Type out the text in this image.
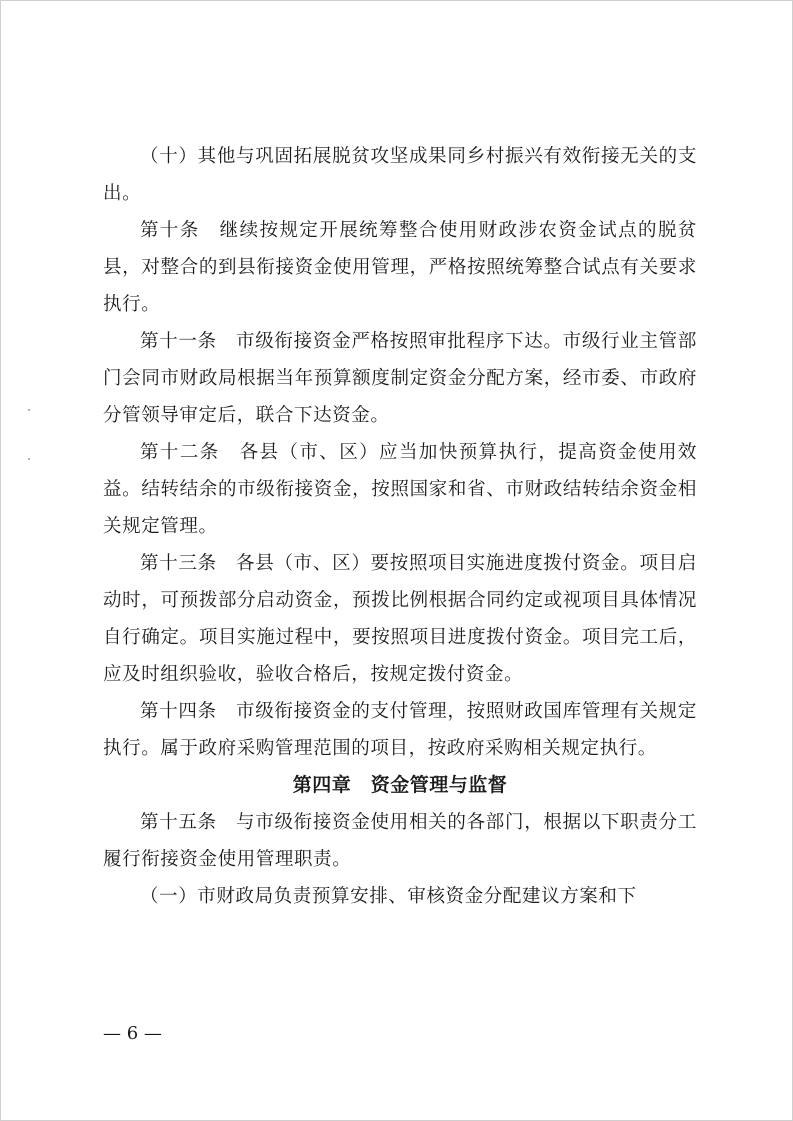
（十）其他与巩固拓展脱贫攻坚成果同乡村振兴有效衔接无关的支出。

第十条　继续按规定开展统筹整合使用财政涉农资金试点的脱贫县，对整合的到县衔接资金使用管理，严格按照统筹整合试点有关要求执行。

第十一条　市级衔接资金严格按照审批程序下达。市级行业主管部门会同市财政局根据当年预算额度制定资金分配方案，经市委、市政府分管领导审定后，联合下达资金。

第十二条　各县（市、区）应当加快预算执行，提高资金使用效益。结转结余的市级衔接资金，按照国家和省、市财政结转结余资金相关规定管理。

第十三条　各县（市、区）要按照项目实施进度拨付资金。项目启动时，可预拨部分启动资金，预拨比例根据合同约定或视项目具体情况自行确定。项目实施过程中，要按照项目进度拨付资金。项目完工后，应及时组织验收，验收合格后，按规定拨付资金。

第十四条　市级衔接资金的支付管理，按照财政国库管理有关规定执行。属于政府采购管理范围的项目，按政府采购相关规定执行。

第四章　资金管理与监督

第十五条　与市级衔接资金使用相关的各部门，根据以下职责分工履行衔接资金使用管理职责。

（一）市财政局负责预算安排、审核资金分配建议方案和下

— 6 —
